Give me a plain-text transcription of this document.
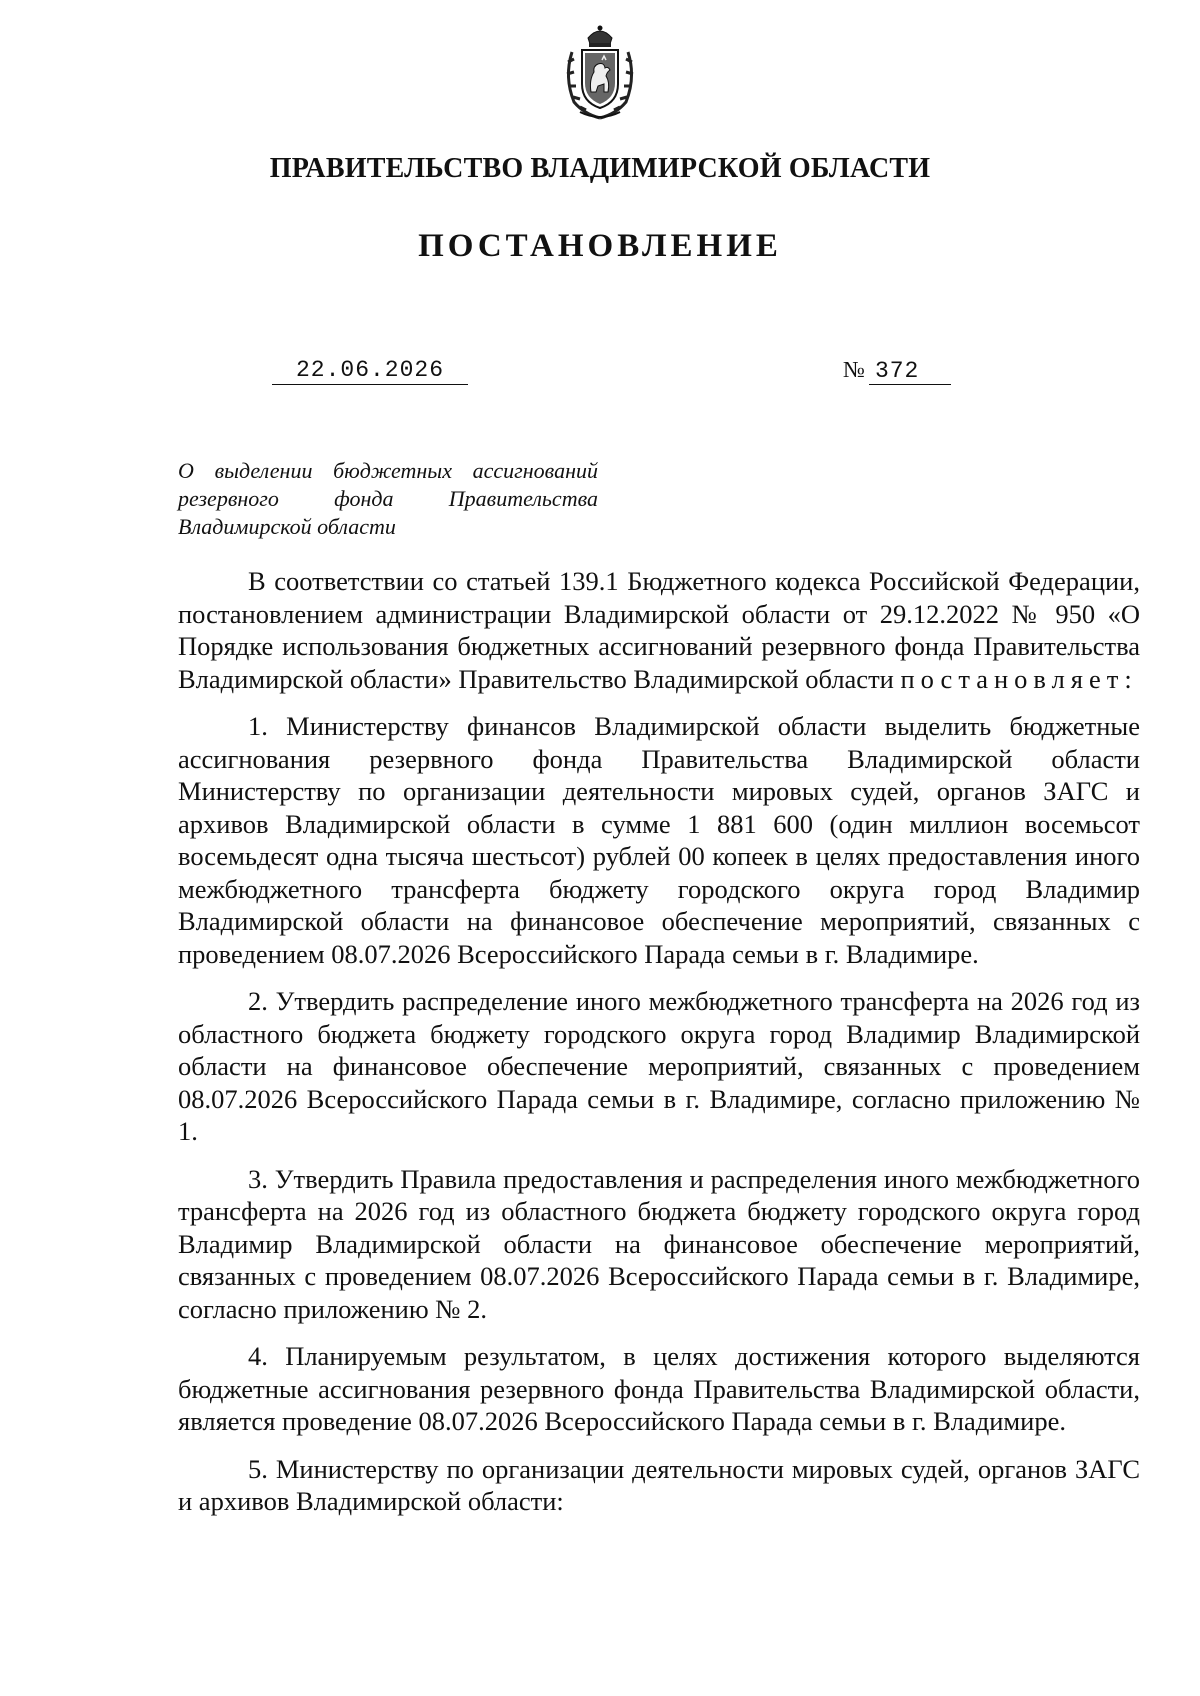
ПРАВИТЕЛЬСТВО ВЛАДИМИРСКОЙ ОБЛАСТИ
ПОСТАНОВЛЕНИЕ
22.06.2026	№ 372
О выделении бюджетных ассигнований
резервного фонда Правительства
Владимирской области

В соответствии со статьей 139.1 Бюджетного кодекса Российской Федерации, постановлением администрации Владимирской области от 29.12.2022 № 950 «О Порядке использования бюджетных ассигнований резервного фонда Правительства Владимирской области» Правительство Владимирской области постановляет:

1. Министерству финансов Владимирской области выделить бюджетные ассигнования резервного фонда Правительства Владимирской области Министерству по организации деятельности мировых судей, органов ЗАГС и архивов Владимирской области в сумме 1 881 600 (один миллион восемьсот восемьдесят одна тысяча шестьсот) рублей 00 копеек в целях предоставления иного межбюджетного трансферта бюджету городского округа город Владимир Владимирской области на финансовое обеспечение мероприятий, связанных с проведением 08.07.2026 Всероссийского Парада семьи в г. Владимире.

2. Утвердить распределение иного межбюджетного трансферта на 2026 год из областного бюджета бюджету городского округа город Владимир Владимирской области на финансовое обеспечение мероприятий, связанных с проведением 08.07.2026 Всероссийского Парада семьи в г. Владимире, согласно приложению № 1.

3. Утвердить Правила предоставления и распределения иного межбюджетного трансферта на 2026 год из областного бюджета бюджету городского округа город Владимир Владимирской области на финансовое обеспечение мероприятий, связанных с проведением 08.07.2026 Всероссийского Парада семьи в г. Владимире, согласно приложению № 2.

4. Планируемым результатом, в целях достижения которого выделяются бюджетные ассигнования резервного фонда Правительства Владимирской области, является проведение 08.07.2026 Всероссийского Парада семьи в г. Владимире.

5. Министерству по организации деятельности мировых судей, органов ЗАГС и архивов Владимирской области:
